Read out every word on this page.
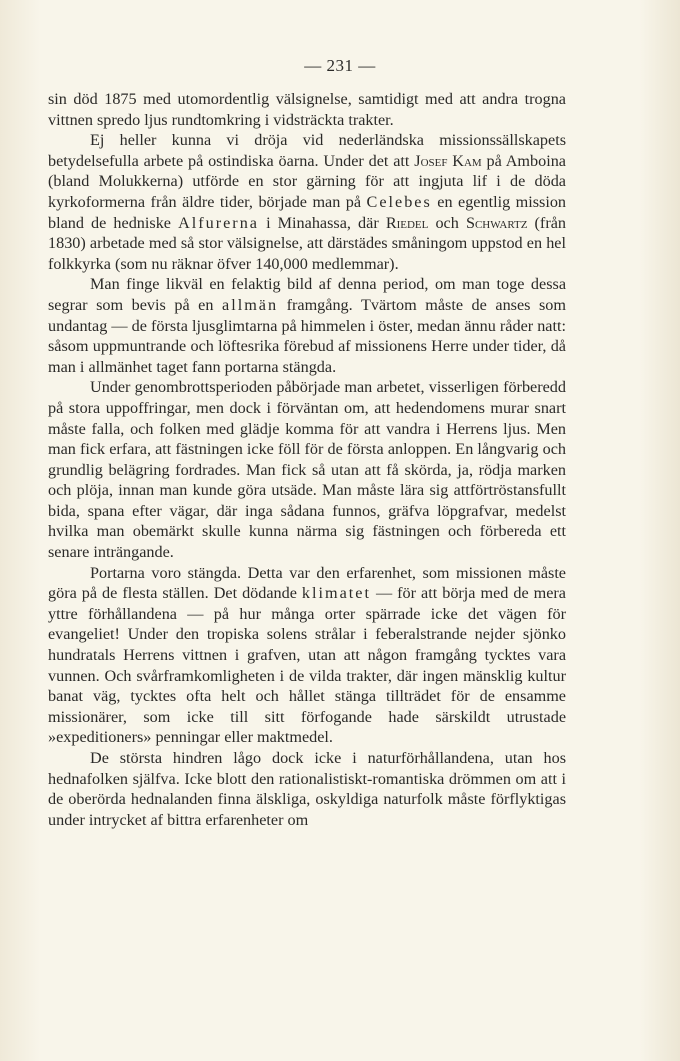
— 231 —

sin död 1875 med utomordentlig välsignelse, samtidigt med att andra trogna vittnen spredo ljus rundtomkring i vidsträckta trakter.

Ej heller kunna vi dröja vid nederländska missionssällskapets betydelsefulla arbete på ostindiska öarna. Under det att Josef Kam på Amboina (bland Molukkerna) utförde en stor gärning för att ingjuta lif i de döda kyrkoformerna från äldre tider, började man på Celebes en egentlig mission bland de hedniske Alfurerna i Minahassa, där Riedel och Schwartz (från 1830) arbetade med så stor välsignelse, att därstädes småningom uppstod en hel folkkyrka (som nu räknar öfver 140,000 medlemmar).

Man finge likväl en felaktig bild af denna period, om man toge dessa segrar som bevis på en allmän framgång. Tvärtom måste de anses som undantag — de första ljusglimtarna på himmelen i öster, medan ännu råder natt: såsom uppmuntrande och löftesrika förebud af missionens Herre under tider, då man i allmänhet taget fann portarna stängda.

Under genombrottsperioden påbörjade man arbetet, visserligen förberedd på stora uppoffringar, men dock i förväntan om, att hedendomens murar snart måste falla, och folken med glädje komma för att vandra i Herrens ljus. Men man fick erfara, att fästningen icke föll för de första anloppen. En långvarig och grundlig belägring fordrades. Man fick så utan att få skörda, ja, rödja marken och plöja, innan man kunde göra utsäde. Man måste lära sig attförtröstansfullt bida, spana efter vägar, där inga sådana funnos, gräfva löpgrafvar, medelst hvilka man obemärkt skulle kunna närma sig fästningen och förbereda ett senare inträngande.

Portarna voro stängda. Detta var den erfarenhet, som missionen måste göra på de flesta ställen. Det dödande klimatet — för att börja med de mera yttre förhållandena — på hur många orter spärrade icke det vägen för evangeliet! Under den tropiska solens strålar i feberalstrande nejder sjönko hundratals Herrens vittnen i grafven, utan att någon framgång tycktes vara vunnen. Och svårframkomligheten i de vilda trakter, där ingen mänsklig kultur banat väg, tycktes ofta helt och hållet stänga tillträdet för de ensamme missionärer, som icke till sitt förfogande hade särskildt utrustade »expeditioners» penningar eller maktmedel.

De största hindren lågo dock icke i naturförhållandena, utan hos hednafolken själfva. Icke blott den rationalistiskt-romantiska drömmen om att i de oberörda hednalanden finna älskliga, oskyldiga naturfolk måste förflyktigas under intrycket af bittra erfarenheter om
